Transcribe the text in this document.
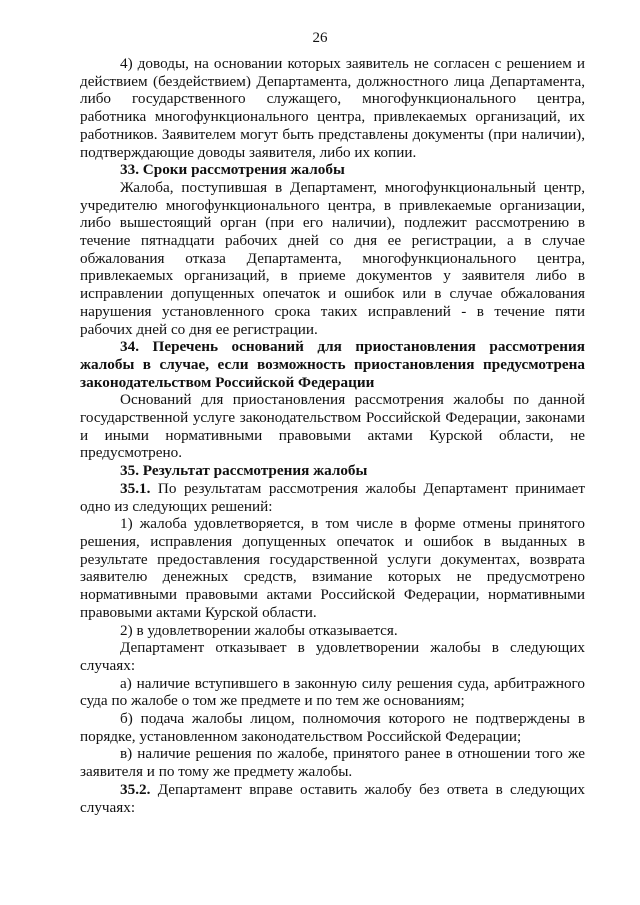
26

4) доводы, на основании которых заявитель не согласен с решением и действием (бездействием) Департамента, должностного лица Департамента, либо государственного служащего, многофункционального центра, работника многофункционального центра, привлекаемых организаций, их работников. Заявителем могут быть представлены документы (при наличии), подтверждающие доводы заявителя, либо их копии.

33. Сроки рассмотрения жалобы

Жалоба, поступившая в Департамент, многофункциональный центр, учредителю многофункционального центра, в привлекаемые организации, либо вышестоящий орган (при его наличии), подлежит рассмотрению в течение пятнадцати рабочих дней со дня ее регистрации, а в случае обжалования отказа Департамента, многофункционального центра, привлекаемых организаций, в приеме документов у заявителя либо в исправлении допущенных опечаток и ошибок или в случае обжалования нарушения установленного срока таких исправлений - в течение пяти рабочих дней со дня ее регистрации.

34. Перечень оснований для приостановления рассмотрения жалобы в случае, если возможность приостановления предусмотрена законодательством Российской Федерации

Оснований для приостановления рассмотрения жалобы по данной государственной услуге законодательством Российской Федерации, законами и иными нормативными правовыми актами Курской области, не предусмотрено.

35. Результат рассмотрения жалобы

35.1. По результатам рассмотрения жалобы Департамент принимает одно из следующих решений:

1) жалоба удовлетворяется, в том числе в форме отмены принятого решения, исправления допущенных опечаток и ошибок в выданных в результате предоставления государственной услуги документах, возврата заявителю денежных средств, взимание которых не предусмотрено нормативными правовыми актами Российской Федерации, нормативными правовыми актами Курской области.

2) в удовлетворении жалобы отказывается.

Департамент отказывает в удовлетворении жалобы в следующих случаях:

а) наличие вступившего в законную силу решения суда, арбитражного суда по жалобе о том же предмете и по тем же основаниям;

б) подача жалобы лицом, полномочия которого не подтверждены в порядке, установленном законодательством Российской Федерации;

в) наличие решения по жалобе, принятого ранее в отношении того же заявителя и по тому же предмету жалобы.

35.2. Департамент вправе оставить жалобу без ответа в следующих случаях:
